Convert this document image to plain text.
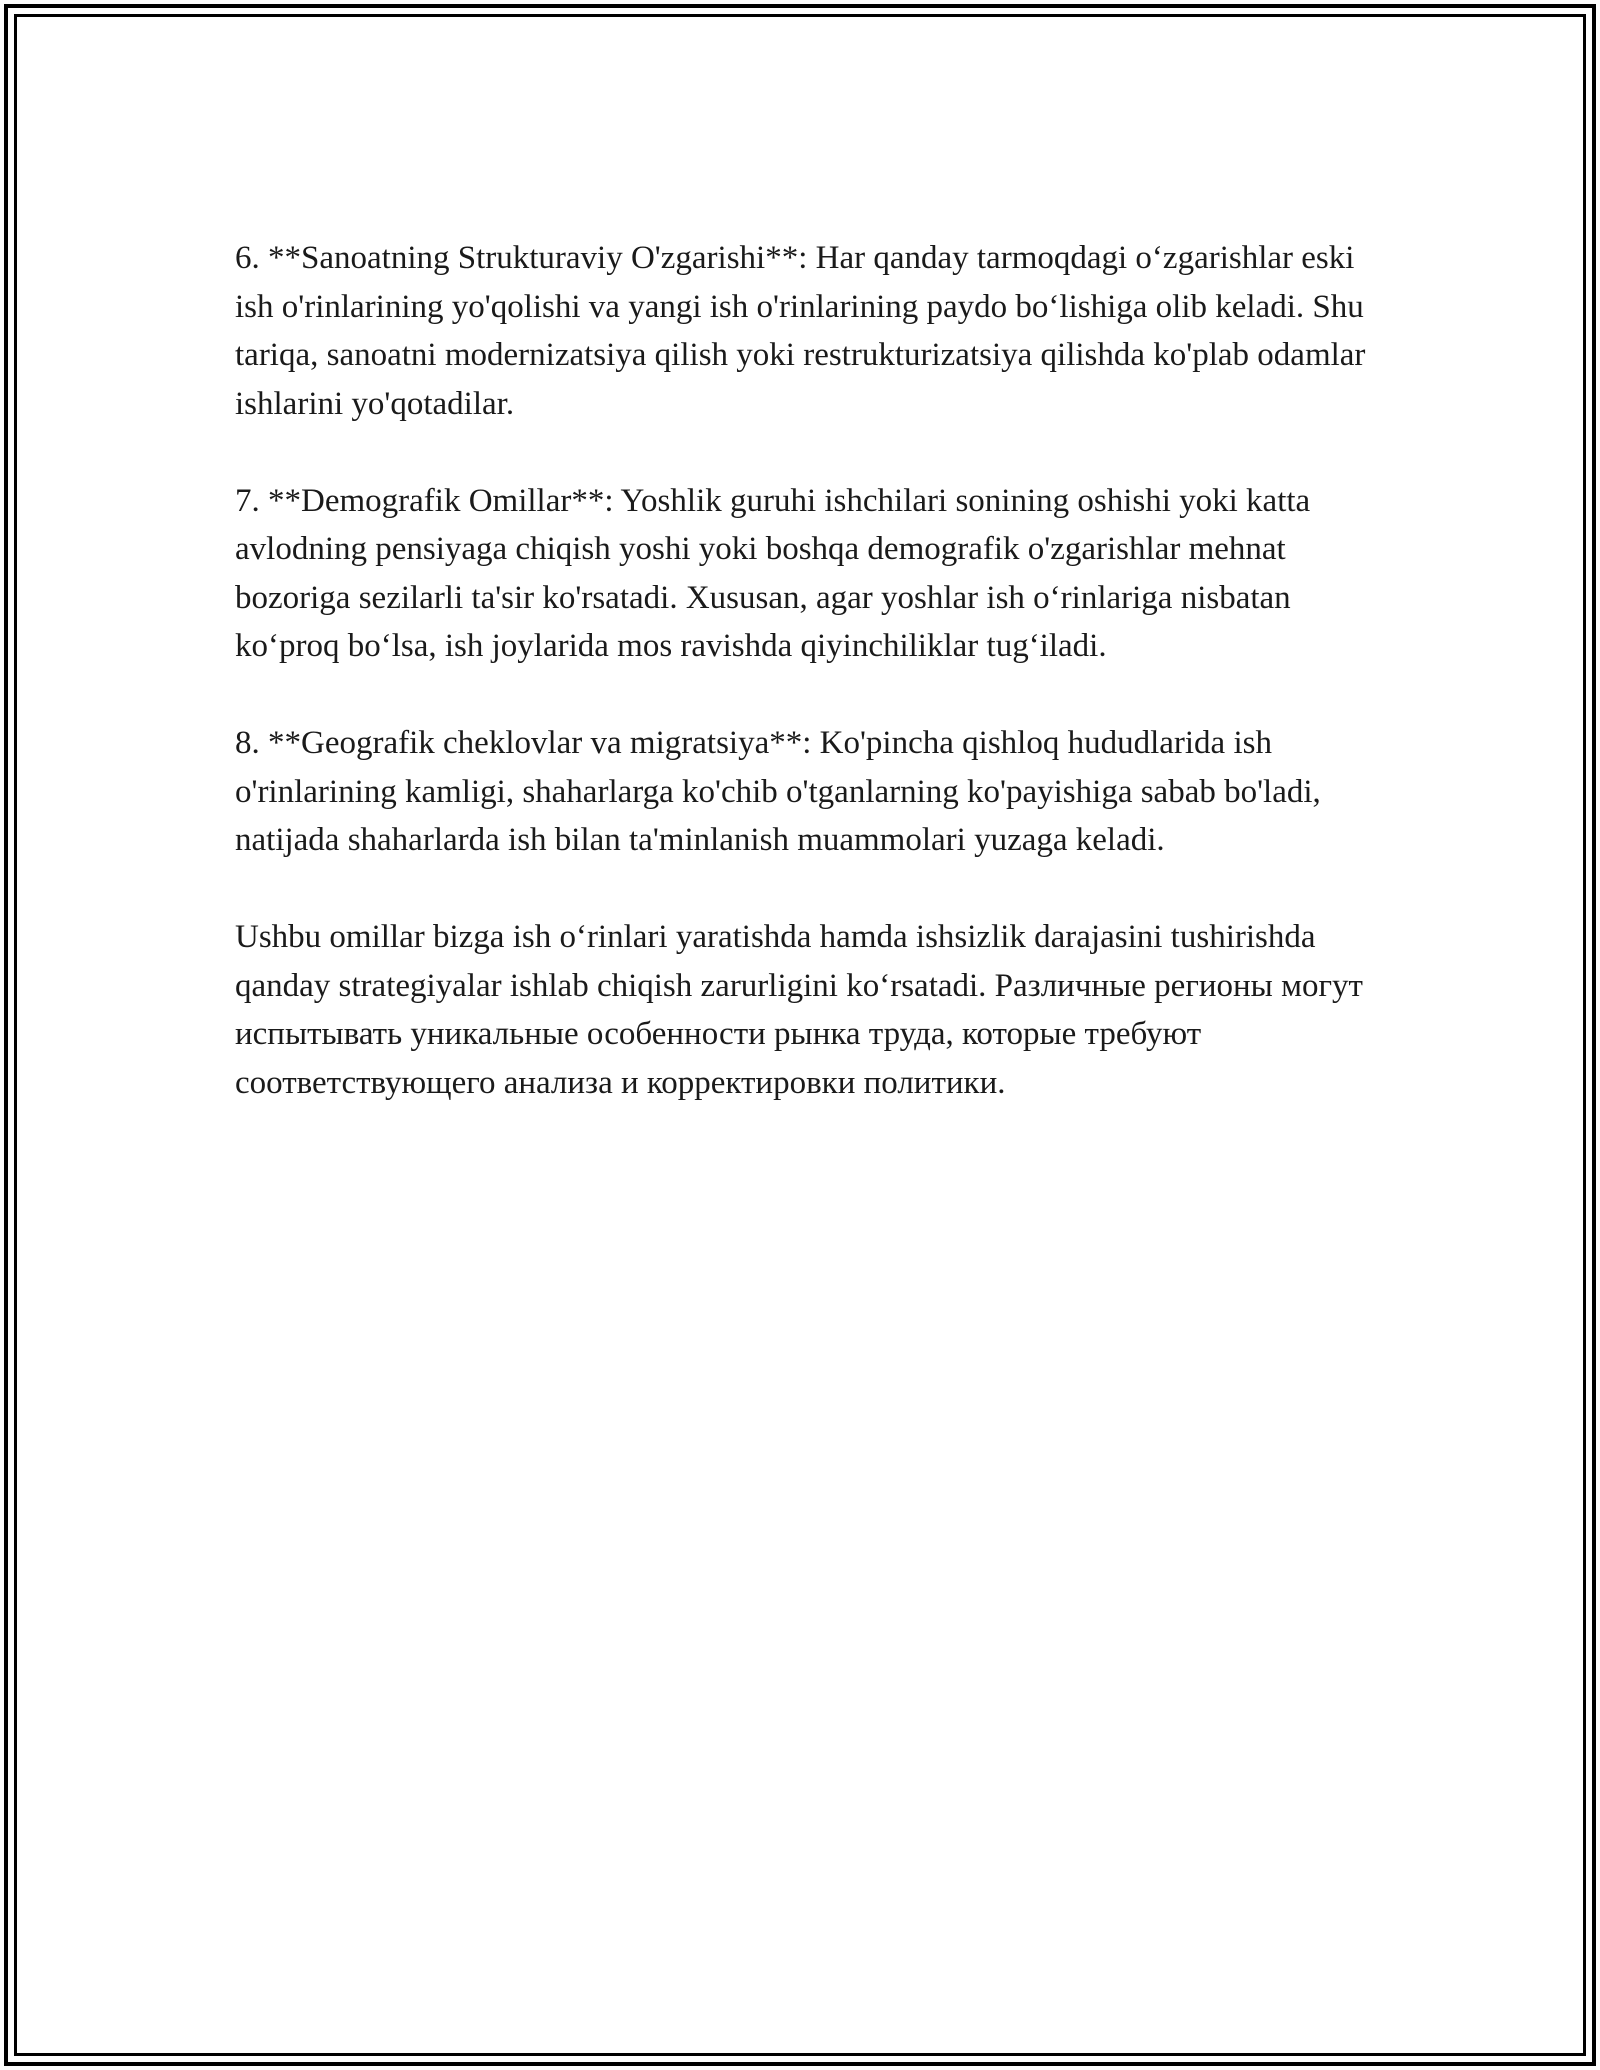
6. **Sanoatning Strukturaviy O'zgarishi**: Har qanday tarmoqdagi o‘zgarishlar eski ish o'rinlarining yo'qolishi va yangi ish o'rinlarining paydo bo‘lishiga olib keladi. Shu tariqa, sanoatni modernizatsiya qilish yoki restrukturizatsiya qilishda ko'plab odamlar ishlarini yo'qotadilar.

7. **Demografik Omillar**: Yoshlik guruhi ishchilari sonining oshishi yoki katta avlodning pensiyaga chiqish yoshi yoki boshqa demografik o'zgarishlar mehnat bozoriga sezilarli ta'sir ko'rsatadi. Xususan, agar yoshlar ish o‘rinlariga nisbatan ko‘proq bo‘lsa, ish joylarida mos ravishda qiyinchiliklar tug‘iladi.

8. **Geografik cheklovlar va migratsiya**: Ko'pincha qishloq hududlarida ish o'rinlarining kamligi, shaharlarga ko'chib o'tganlarning ko'payishiga sabab bo'ladi, natijada shaharlarda ish bilan ta'minlanish muammolari yuzaga keladi.

Ushbu omillar bizga ish o‘rinlari yaratishda hamda ishsizlik darajasini tushirishda qanday strategiyalar ishlab chiqish zarurligini ko‘rsatadi. Различные регионы могут испытывать уникальные особенности рынка труда, которые требуют соответствующего анализа и корректировки политики.
